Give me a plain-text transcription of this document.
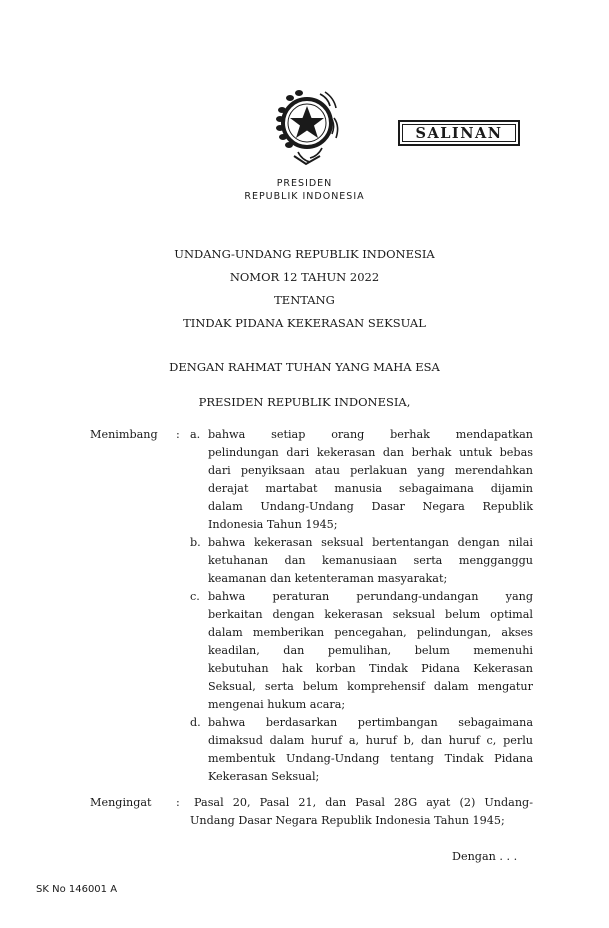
SALINAN
PRESIDEN
REPUBLIK INDONESIA
UNDANG-UNDANG REPUBLIK INDONESIA
NOMOR 12 TAHUN 2022
TENTANG
TINDAK PIDANA KEKERASAN SEKSUAL
DENGAN RAHMAT TUHAN YANG MAHA ESA
PRESIDEN REPUBLIK INDONESIA,
Menimbang : a. bahwa setiap orang berhak mendapatkan
pelindungan dari kekerasan dan berhak untuk bebas
dari penyiksaan atau perlakuan yang merendahkan
derajat martabat manusia sebagaimana dijamin
dalam Undang-Undang Dasar Negara Republik
Indonesia Tahun 1945;
b. bahwa kekerasan seksual bertentangan dengan nilai
ketuhanan dan kemanusiaan serta mengganggu
keamanan dan ketenteraman masyarakat;
c. bahwa peraturan perundang-undangan yang
berkaitan dengan kekerasan seksual belum optimal
dalam memberikan pencegahan, pelindungan, akses
keadilan, dan pemulihan, belum memenuhi
kebutuhan hak korban Tindak Pidana Kekerasan
Seksual, serta belum komprehensif dalam mengatur
mengenai hukum acara;
d. bahwa berdasarkan pertimbangan sebagaimana
dimaksud dalam huruf a, huruf b, dan huruf c, perlu
membentuk Undang-Undang tentang Tindak Pidana
Kekerasan Seksual;
Mengingat : Pasal 20, Pasal 21, dan Pasal 28G ayat (2) Undang-
Undang Dasar Negara Republik Indonesia Tahun 1945;
Dengan . . .
SK No 146001 A
